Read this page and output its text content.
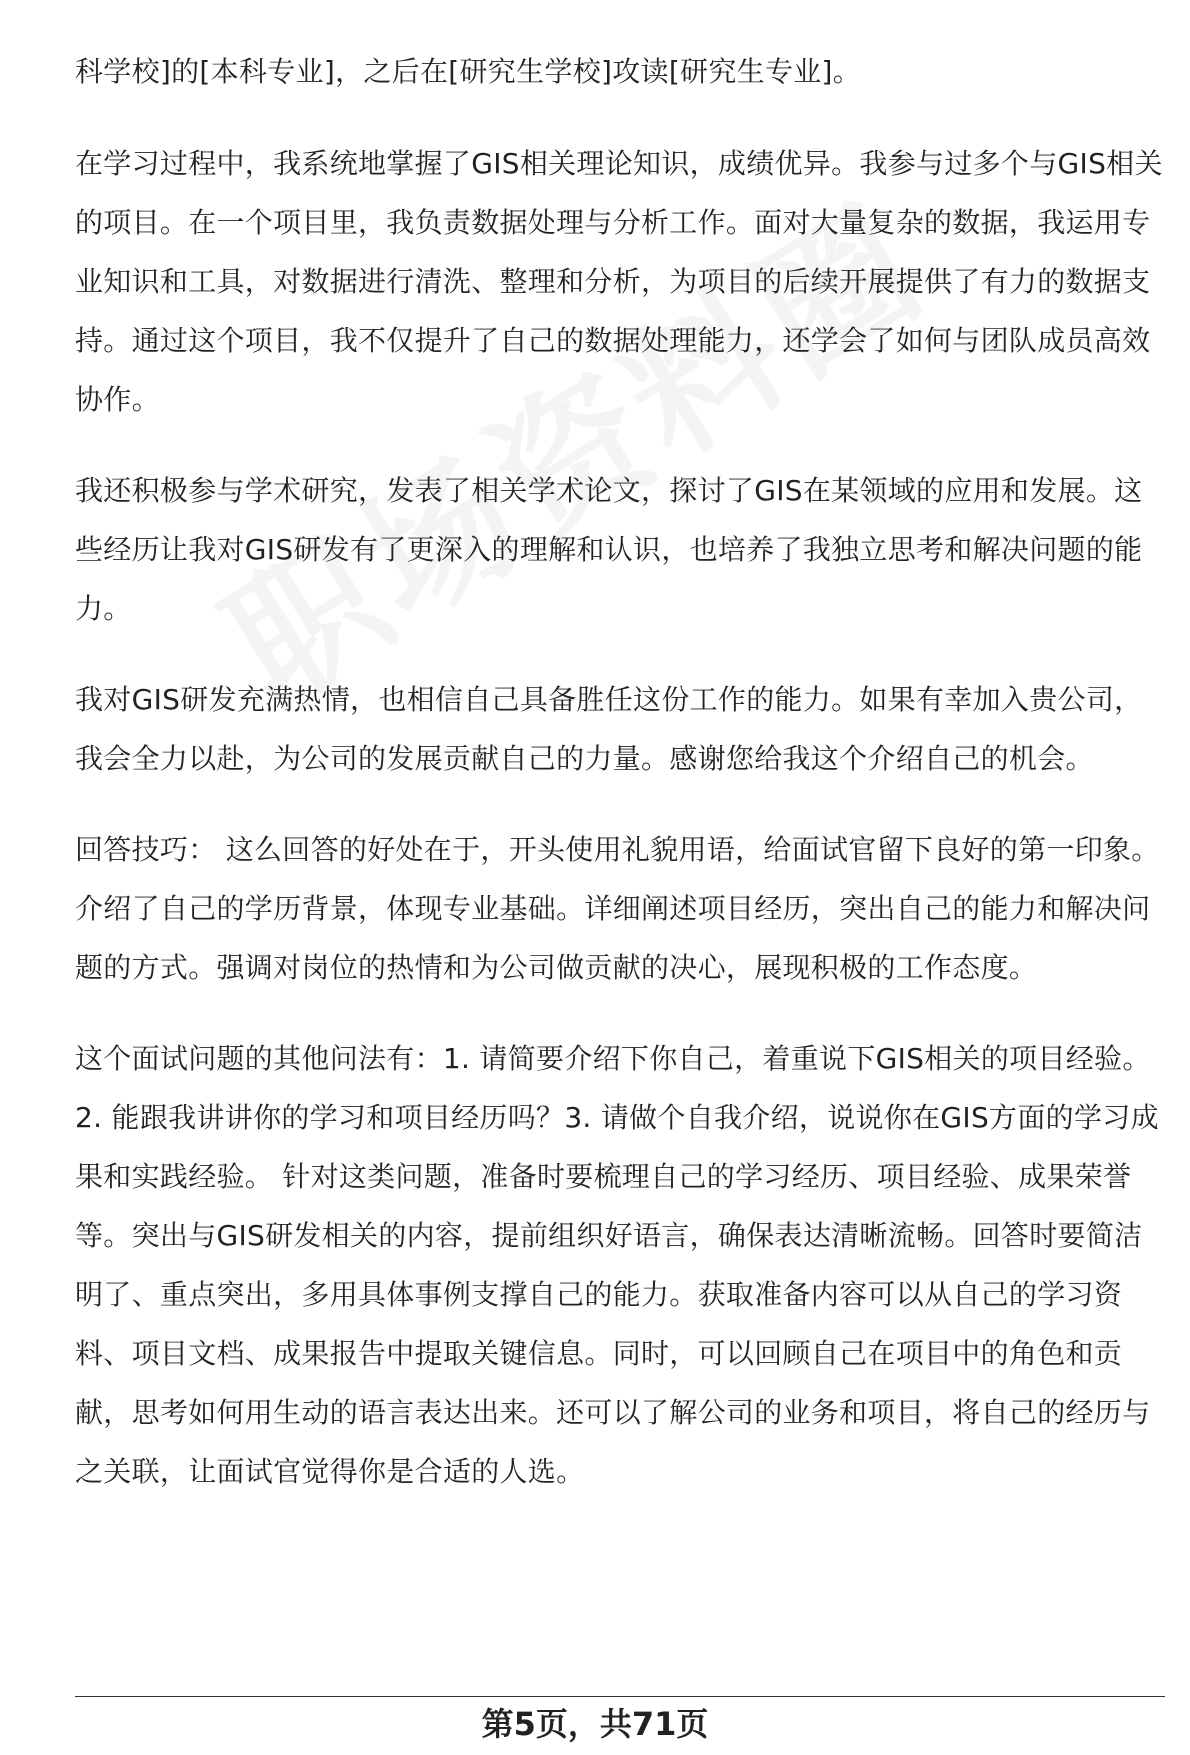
科学校]的[本科专业]，之后在[研究生学校]攻读[研究生专业]。

在学习过程中，我系统地掌握了GIS相关理论知识，成绩优异。我参与过多个与GIS相关的项目。在一个项目里，我负责数据处理与分析工作。面对大量复杂的数据，我运用专业知识和工具，对数据进行清洗、整理和分析，为项目的后续开展提供了有力的数据支持。通过这个项目，我不仅提升了自己的数据处理能力，还学会了如何与团队成员高效协作。

我还积极参与学术研究，发表了相关学术论文，探讨了GIS在某领域的应用和发展。这些经历让我对GIS研发有了更深入的理解和认识，也培养了我独立思考和解决问题的能力。

我对GIS研发充满热情，也相信自己具备胜任这份工作的能力。如果有幸加入贵公司，我会全力以赴，为公司的发展贡献自己的力量。感谢您给我这个介绍自己的机会。

回答技巧： 这么回答的好处在于，开头使用礼貌用语，给面试官留下良好的第一印象。介绍了自己的学历背景，体现专业基础。详细阐述项目经历，突出自己的能力和解决问题的方式。强调对岗位的热情和为公司做贡献的决心，展现积极的工作态度。

这个面试问题的其他问法有：1. 请简要介绍下你自己，着重说下GIS相关的项目经验。2. 能跟我讲讲你的学习和项目经历吗？3. 请做个自我介绍，说说你在GIS方面的学习成果和实践经验。 针对这类问题，准备时要梳理自己的学习经历、项目经验、成果荣誉等。突出与GIS研发相关的内容，提前组织好语言，确保表达清晰流畅。回答时要简洁明了、重点突出，多用具体事例支撑自己的能力。获取准备内容可以从自己的学习资料、项目文档、成果报告中提取关键信息。同时，可以回顾自己在项目中的角色和贡献，思考如何用生动的语言表达出来。还可以了解公司的业务和项目，将自己的经历与之关联，让面试官觉得你是合适的人选。

第5页，共71页
